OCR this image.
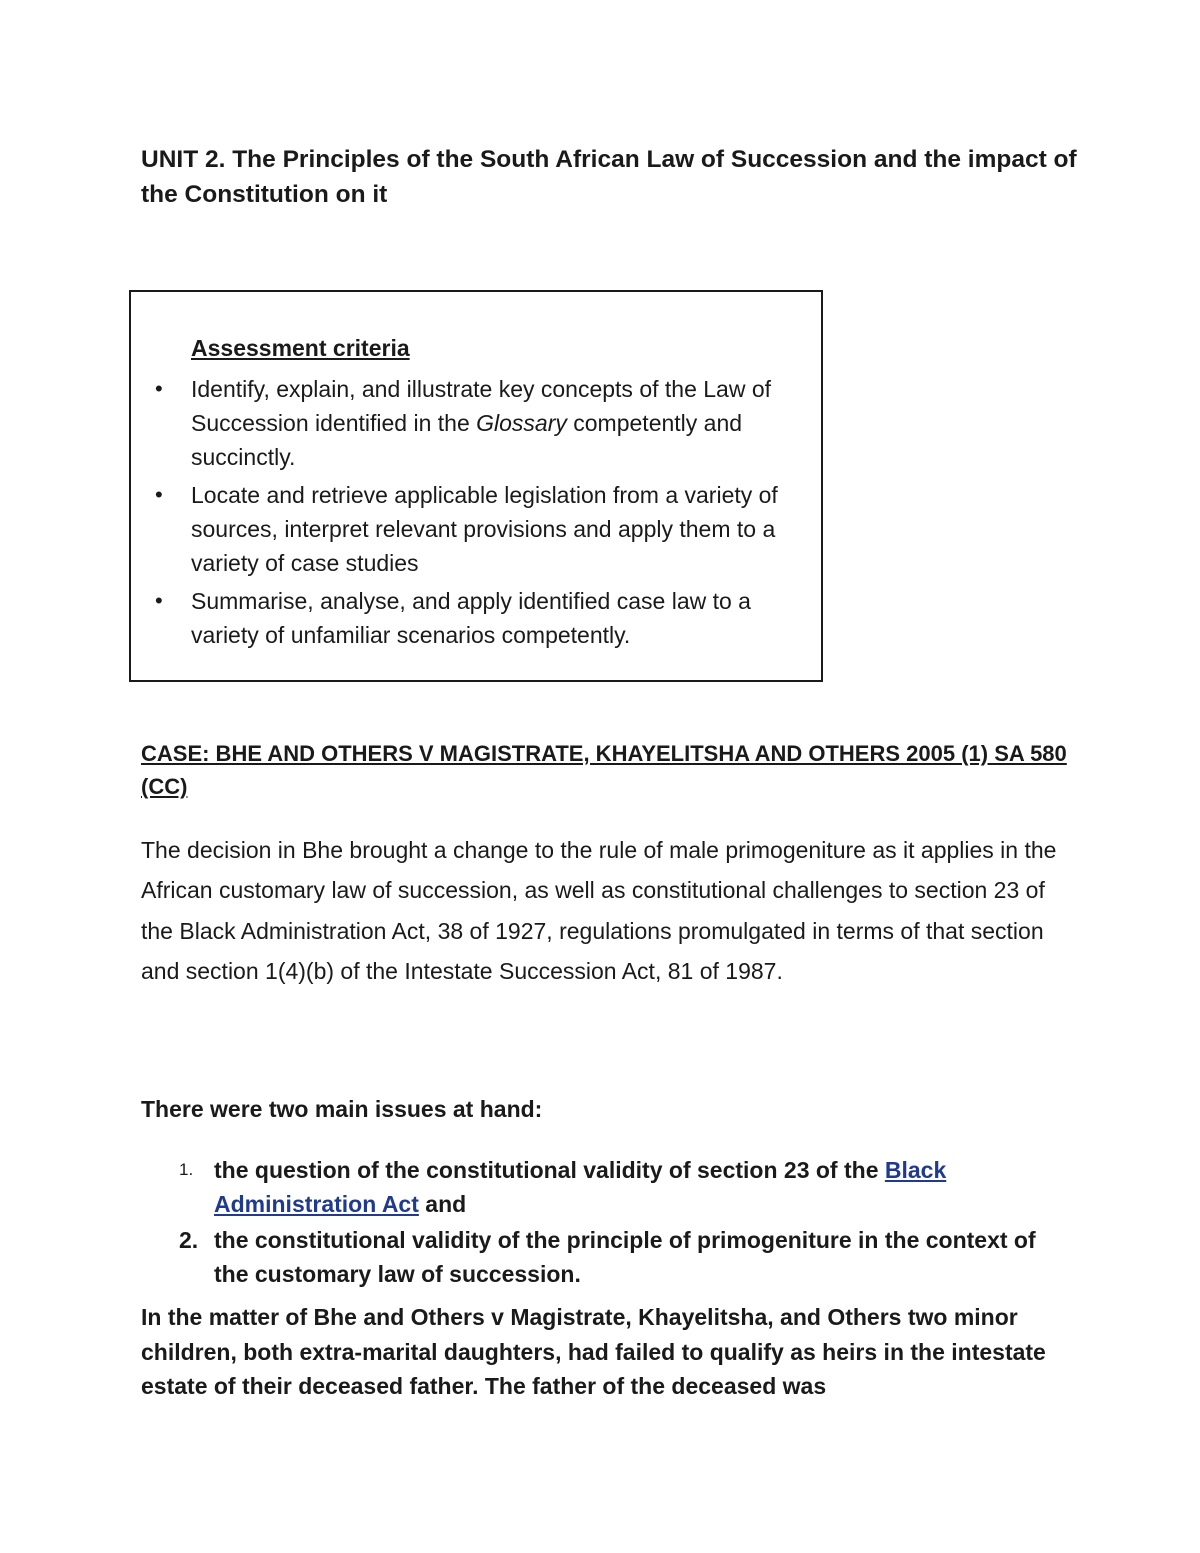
UNIT 2. The Principles of the South African Law of Succession and the impact of the Constitution on it
Assessment criteria
• Identify, explain, and illustrate key concepts of the Law of Succession identified in the Glossary competently and succinctly.
• Locate and retrieve applicable legislation from a variety of sources, interpret relevant provisions and apply them to a variety of case studies
• Summarise, analyse, and apply identified case law to a variety of unfamiliar scenarios competently.
CASE: BHE AND OTHERS V MAGISTRATE, KHAYELITSHA AND OTHERS 2005 (1) SA 580 (CC)

The decision in Bhe brought a change to the rule of male primogeniture as it applies in the African customary law of succession, as well as constitutional challenges to section 23 of the Black Administration Act, 38 of 1927, regulations promulgated in terms of that section and section 1(4)(b) of the Intestate Succession Act, 81 of 1987.

There were two main issues at hand:

1. the question of the constitutional validity of section 23 of the Black Administration Act and
2. the constitutional validity of the principle of primogeniture in the context of the customary law of succession.

In the matter of Bhe and Others v Magistrate, Khayelitsha, and Others two minor children, both extra-marital daughters, had failed to qualify as heirs in the intestate estate of their deceased father. The father of the deceased was
